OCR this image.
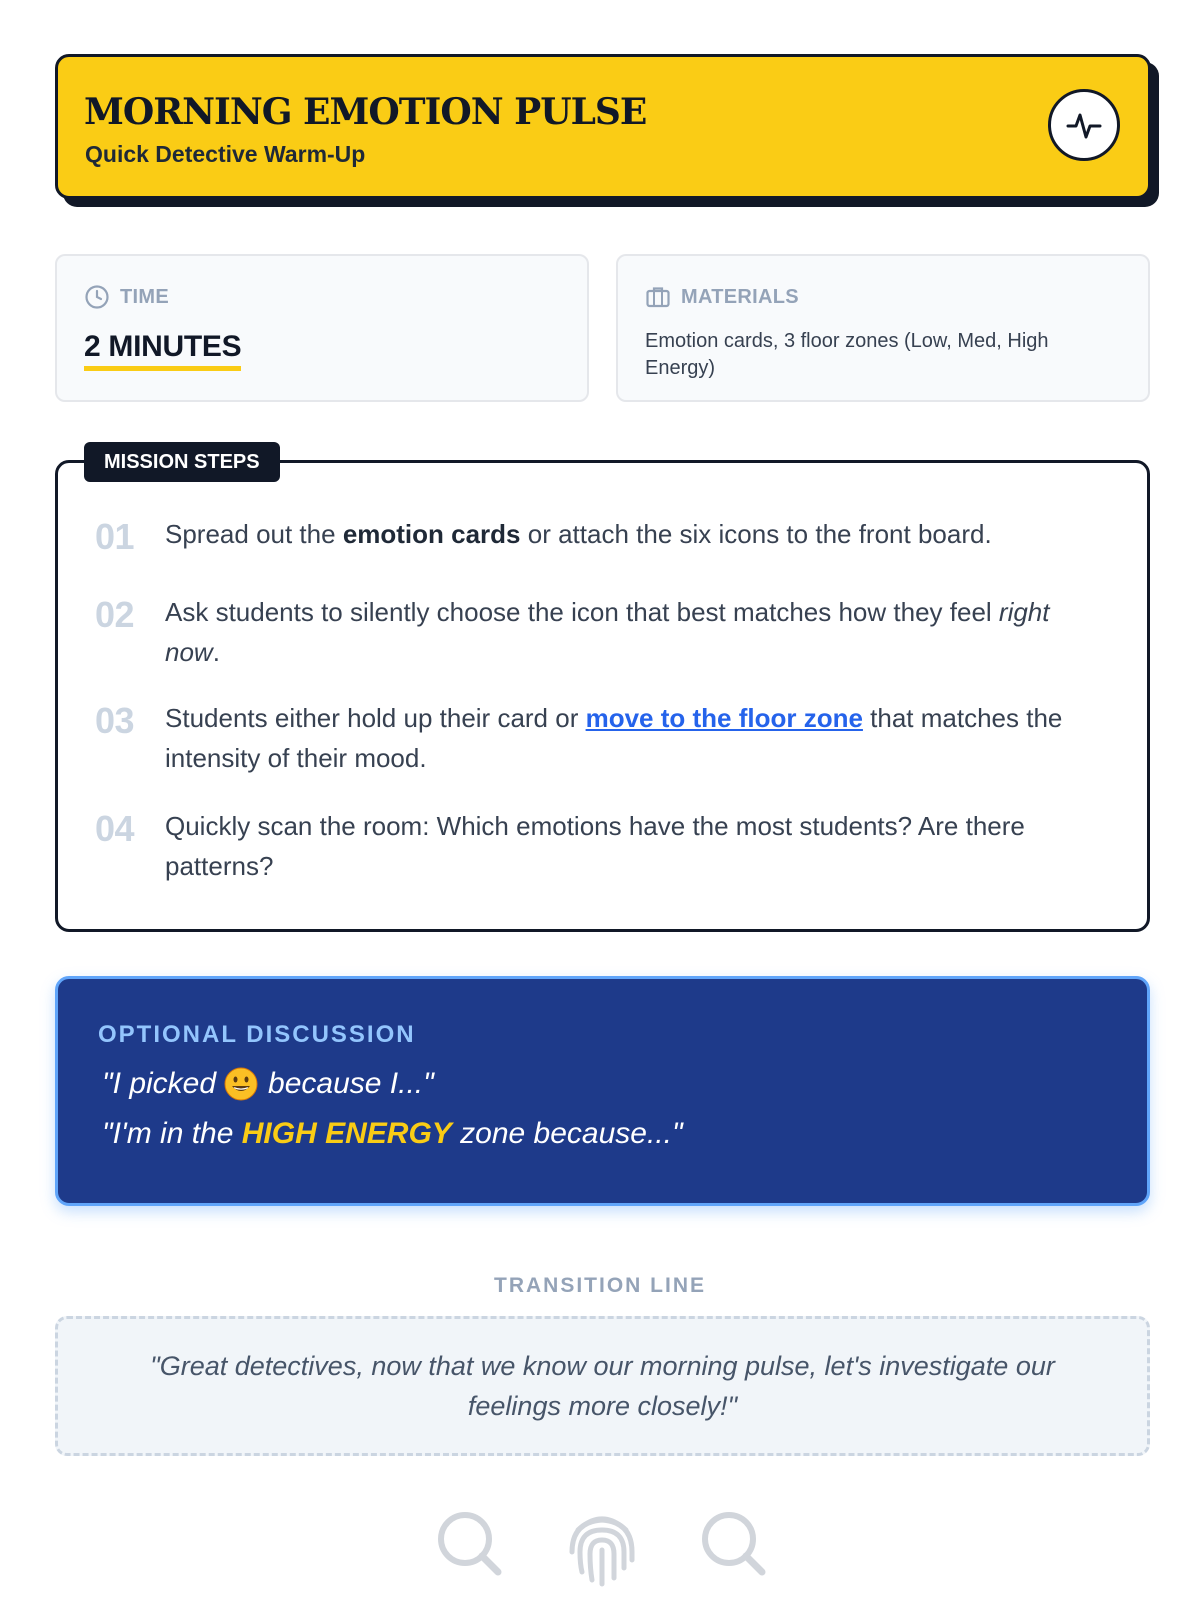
MORNING EMOTION PULSE
Quick Detective Warm-Up
TIME
2 MINUTES
MATERIALS
Emotion cards, 3 floor zones (Low, Med, High Energy)
MISSION STEPS
01	Spread out the emotion cards or attach the six icons to the front board.
02	Ask students to silently choose the icon that best matches how they feel right now.
03	Students either hold up their card or move to the floor zone that matches the intensity of their mood.
04	Quickly scan the room: Which emotions have the most students? Are there patterns?
OPTIONAL DISCUSSION
"I picked because I..."
"I'm in the HIGH ENERGY zone because..."
TRANSITION LINE
"Great detectives, now that we know our morning pulse, let's investigate our feelings more closely!"
